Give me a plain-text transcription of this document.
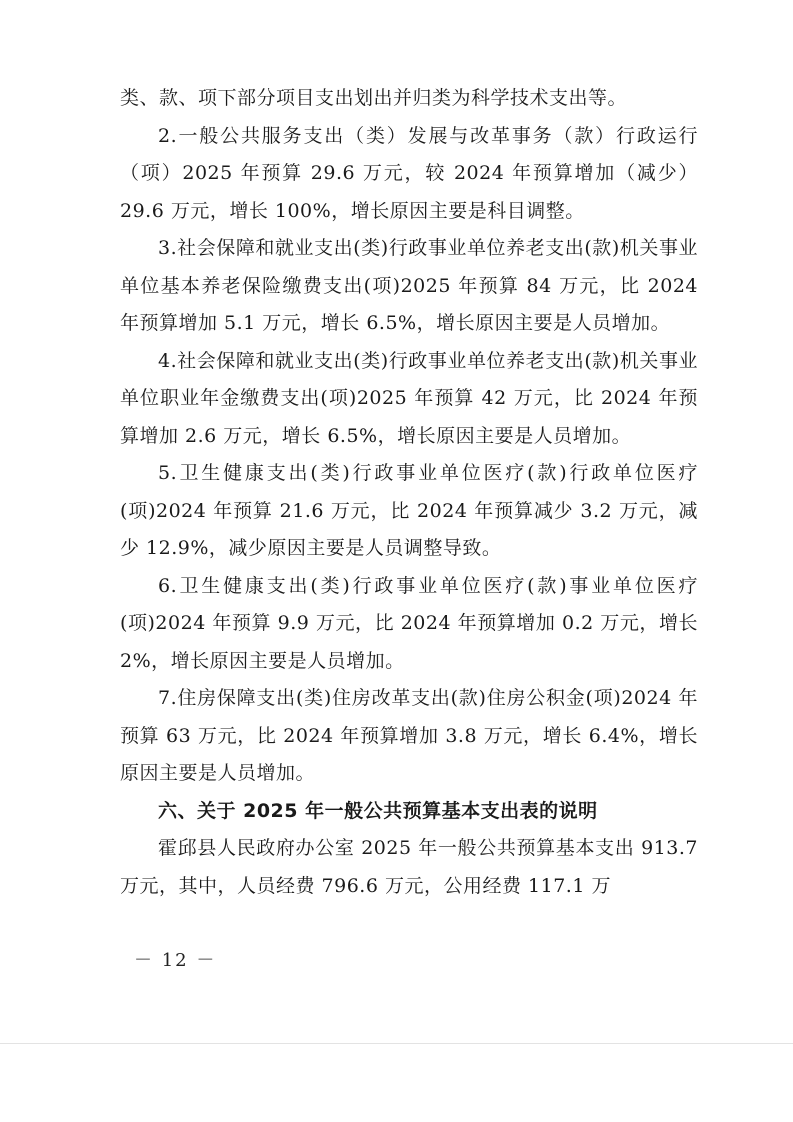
类、款、项下部分项目支出划出并归类为科学技术支出等。

2.一般公共服务支出（类）发展与改革事务（款）行政运行（项）2025 年预算 29.6 万元，较 2024 年预算增加（减少）29.6 万元，增长 100%，增长原因主要是科目调整。

3.社会保障和就业支出(类)行政事业单位养老支出(款)机关事业单位基本养老保险缴费支出(项)2025 年预算 84 万元，比 2024 年预算增加 5.1 万元，增长 6.5%，增长原因主要是人员增加。

4.社会保障和就业支出(类)行政事业单位养老支出(款)机关事业单位职业年金缴费支出(项)2025 年预算 42 万元，比 2024 年预算增加 2.6 万元，增长 6.5%，增长原因主要是人员增加。

5.卫生健康支出(类)行政事业单位医疗(款)行政单位医疗(项)2024 年预算 21.6 万元，比 2024 年预算减少 3.2 万元，减少 12.9%，减少原因主要是人员调整导致。

6.卫生健康支出(类)行政事业单位医疗(款)事业单位医疗(项)2024 年预算 9.9 万元，比 2024 年预算增加 0.2 万元，增长 2%，增长原因主要是人员增加。

7.住房保障支出(类)住房改革支出(款)住房公积金(项)2024 年预算 63 万元，比 2024 年预算增加 3.8 万元，增长 6.4%，增长原因主要是人员增加。

六、关于 2025 年一般公共预算基本支出表的说明

霍邱县人民政府办公室 2025 年一般公共预算基本支出 913.7 万元，其中，人员经费 796.6 万元，公用经费 117.1 万

－ 12 －
